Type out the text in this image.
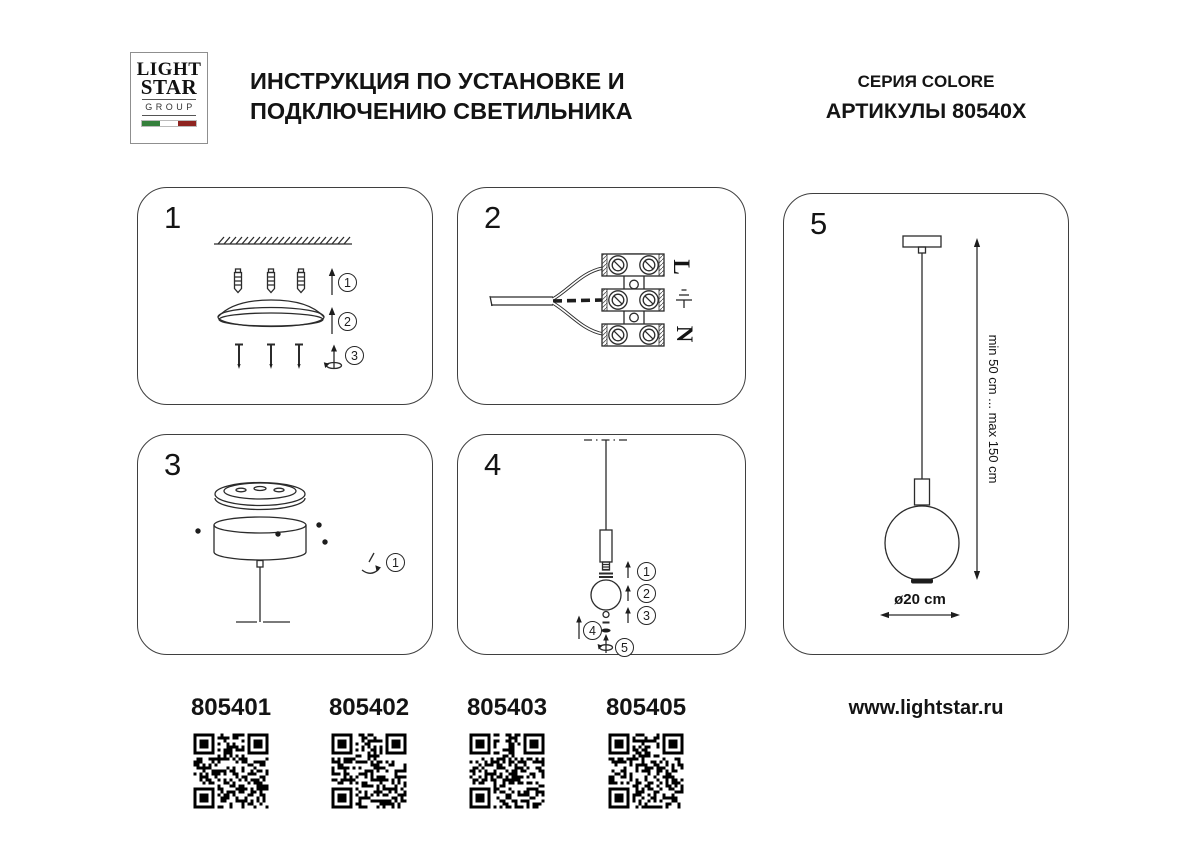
LIGHT
STAR
GROUP
ИНСТРУКЦИЯ ПО УСТАНОВКЕ И
ПОДКЛЮЧЕНИЮ СВЕТИЛЬНИКА
СЕРИЯ COLORE
АРТИКУЛЫ 80540X
1
1
2
3
2
L
N
3
1
4
1
2
3
4
5
5
min 50 cm ... max 150 cm
ø20 cm
805401 805402 805403 805405	www.lightstar.ru
